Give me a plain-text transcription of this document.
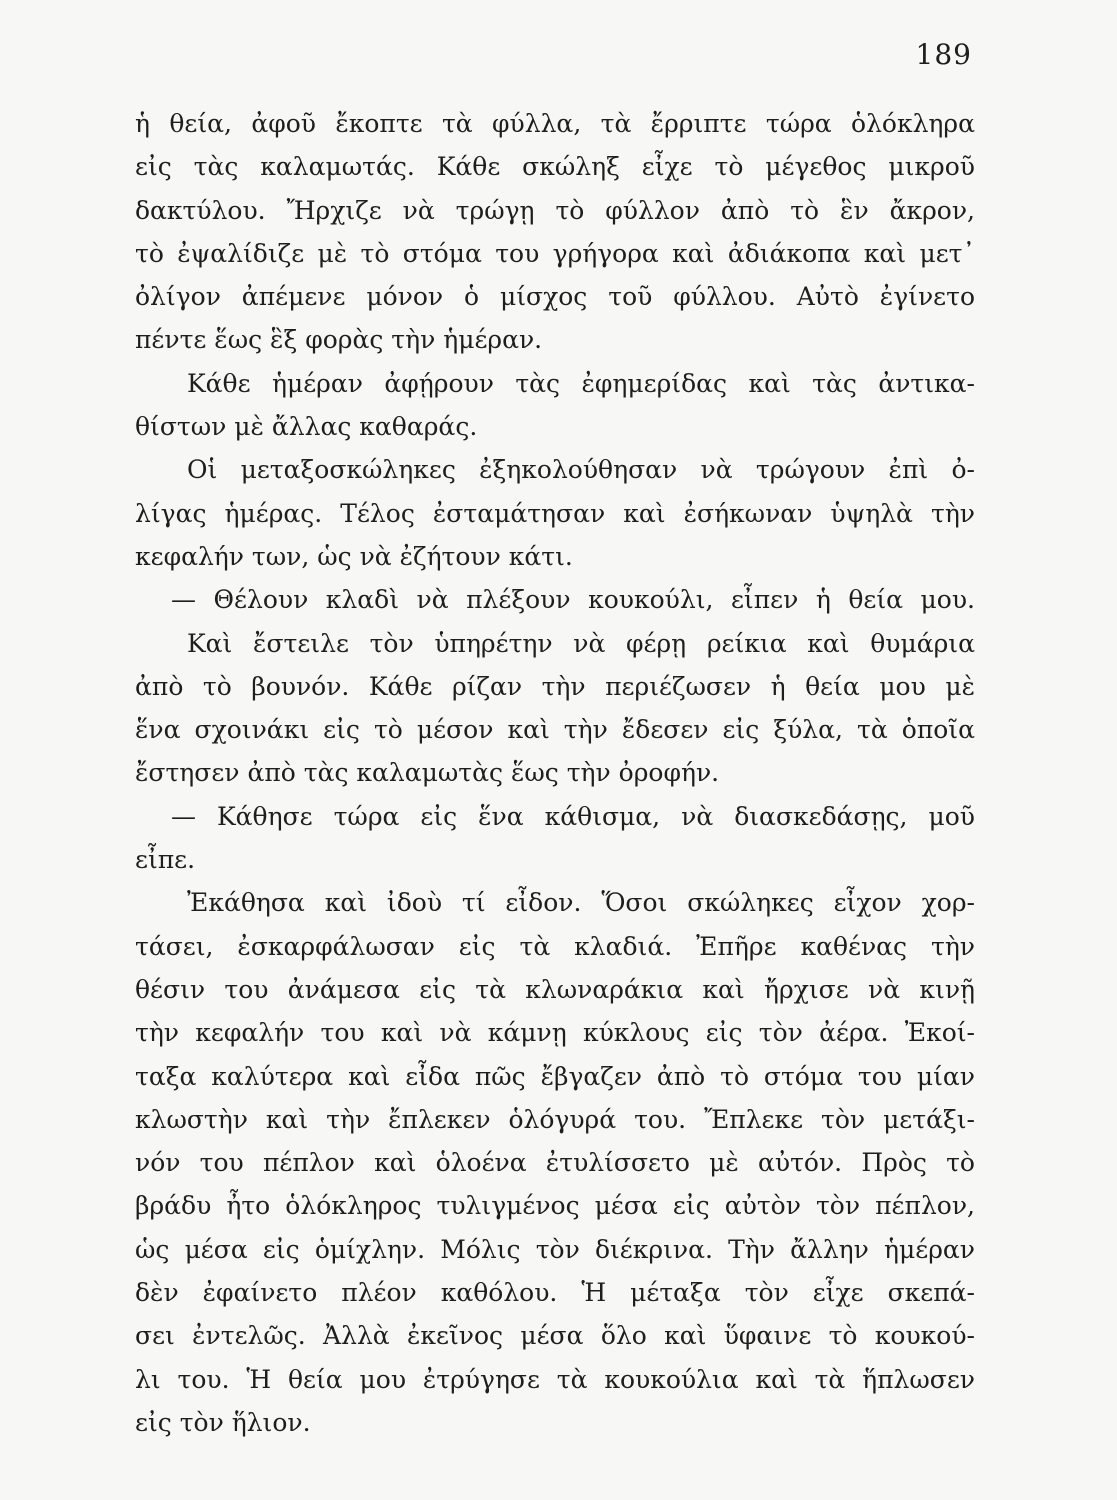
189
ἡ θεία, ἀφοῦ ἔκοπτε τὰ φύλλα, τὰ ἔρριπτε τώρα ὁλόκληρα
εἰς τὰς καλαμωτάς. Κάθε σκώληξ εἶχε τὸ μέγεθος μικροῦ
δακτύλου. Ἤρχιζε νὰ τρώγῃ τὸ φύλλον ἀπὸ τὸ ἓν ἄκρον,
τὸ ἐψαλίδιζε μὲ τὸ στόμα του γρήγορα καὶ ἀδιάκοπα καὶ μετ᾿
ὀλίγον ἀπέμενε μόνον ὁ μίσχος τοῦ φύλλου. Αὐτὸ ἐγίνετο
πέντε ἕως ἓξ φορὰς τὴν ἡμέραν.
Κάθε ἡμέραν ἀφῄρουν τὰς ἐφημερίδας καὶ τὰς ἀντικα-
θίστων μὲ ἄλλας καθαράς.
Οἱ μεταξοσκώληκες ἐξηκολούθησαν νὰ τρώγουν ἐπὶ ὀ-
λίγας ἡμέρας. Τέλος ἐσταμάτησαν καὶ ἐσήκωναν ὑψηλὰ τὴν
κεφαλήν των, ὡς νὰ ἐζήτουν κάτι.
— Θέλουν κλαδὶ νὰ πλέξουν κουκούλι, εἶπεν ἡ θεία μου.
Καὶ ἔστειλε τὸν ὑπηρέτην νὰ φέρῃ ρείκια καὶ θυμάρια
ἀπὸ τὸ βουνόν. Κάθε ρίζαν τὴν περιέζωσεν ἡ θεία μου μὲ
ἕνα σχοινάκι εἰς τὸ μέσον καὶ τὴν ἔδεσεν εἰς ξύλα, τὰ ὁποῖα
ἔστησεν ἀπὸ τὰς καλαμωτὰς ἕως τὴν ὀροφήν.
— Κάθησε τώρα εἰς ἕνα κάθισμα, νὰ διασκεδάσῃς, μοῦ
εἶπε.
Ἐκάθησα καὶ ἰδοὺ τί εἶδον. Ὅσοι σκώληκες εἶχον χορ-
τάσει, ἐσκαρφάλωσαν εἰς τὰ κλαδιά. Ἐπῆρε καθένας τὴν
θέσιν του ἀνάμεσα εἰς τὰ κλωναράκια καὶ ἤρχισε νὰ κινῇ
τὴν κεφαλήν του καὶ νὰ κάμνῃ κύκλους εἰς τὸν ἀέρα. Ἐκοί-
ταξα καλύτερα καὶ εἶδα πῶς ἔβγαζεν ἀπὸ τὸ στόμα του μίαν
κλωστὴν καὶ τὴν ἔπλεκεν ὁλόγυρά του. Ἔπλεκε τὸν μετάξι-
νόν του πέπλον καὶ ὁλοένα ἐτυλίσσετο μὲ αὐτόν. Πρὸς τὸ
βράδυ ἦτο ὁλόκληρος τυλιγμένος μέσα εἰς αὐτὸν τὸν πέπλον,
ὡς μέσα εἰς ὁμίχλην. Μόλις τὸν διέκρινα. Τὴν ἄλλην ἡμέραν
δὲν ἐφαίνετο πλέον καθόλου. Ἡ μέταξα τὸν εἶχε σκεπά-
σει ἐντελῶς. Ἀλλὰ ἐκεῖνος μέσα ὅλο καὶ ὕφαινε τὸ κουκού-
λι του. Ἡ θεία μου ἐτρύγησε τὰ κουκούλια καὶ τὰ ἥπλωσεν
εἰς τὸν ἥλιον.
